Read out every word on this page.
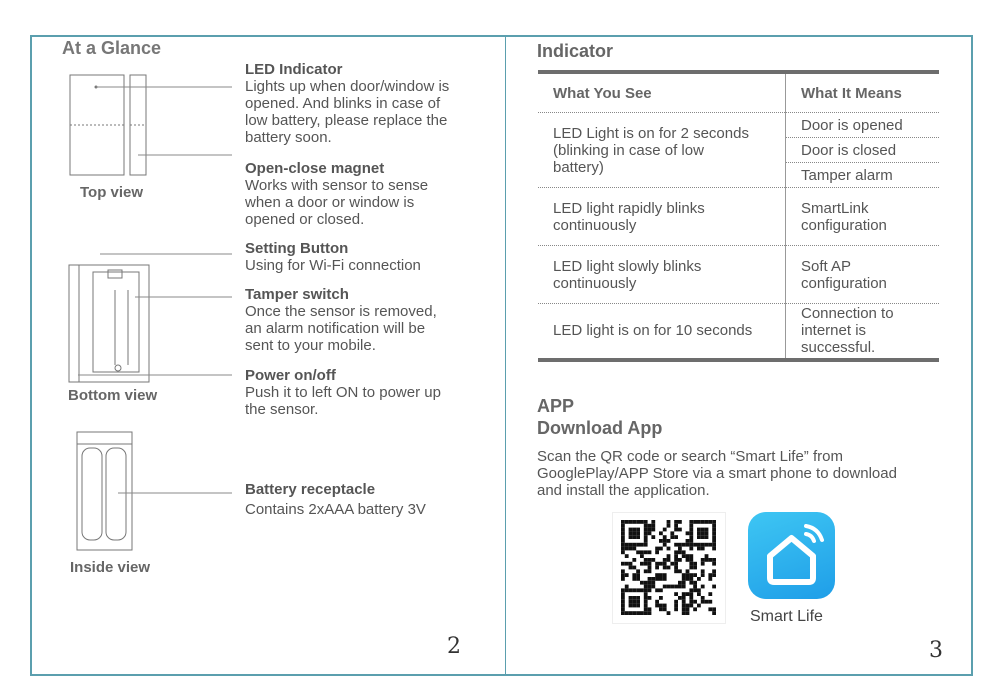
At a Glance
LED Indicator
Lights up when door/window is
opened. And blinks in case of
low battery, please replace the
battery soon.
Open-close magnet
Works with sensor to sense
when a door or window is
opened or closed.
Setting Button
Using for Wi-Fi connection
Tamper switch
Once the sensor is removed,
an alarm notification will be
sent to your mobile.
Power on/off
Push it to left ON to power up
the sensor.
Battery receptacle
Contains 2xAAA battery 3V
Top view
Bottom view
Inside view
2
Indicator
What You See	What It Means

LED Light is on for 2 seconds
(blinking in case of low
battery)	Door is opened
	Door is closed
	Tamper alarm

LED light rapidly blinks
continuously	SmartLink
configuration

LED light slowly blinks
continuously	Soft AP
configuration

LED light is on for 10 seconds	Connection to
internet is
successful.
APP
Download App
Scan the QR code or search “Smart Life” from
GooglePlay/APP Store via a smart phone to download
and install the application.
Smart Life
3
